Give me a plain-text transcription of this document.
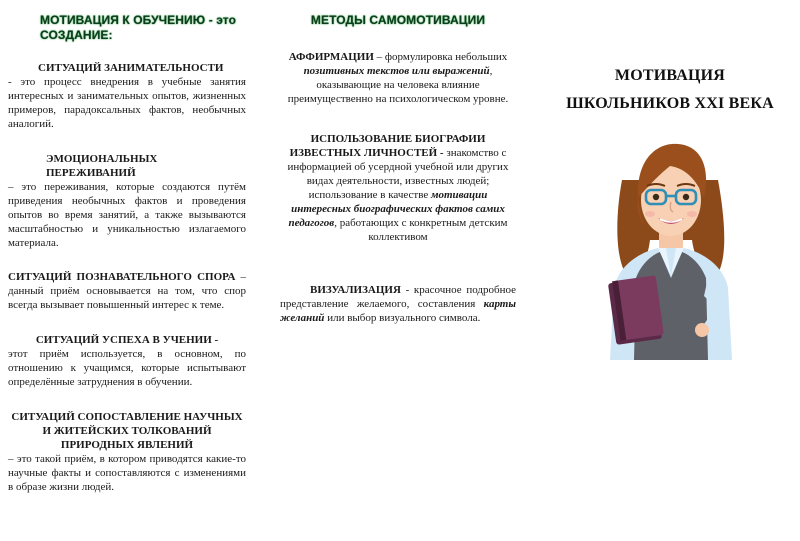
МОТИВАЦИЯ К ОБУЧЕНИЮ - это СОЗДАНИЕ:
СИТУАЦИЙ ЗАНИМАТЕЛЬНОСТИ
- это процесс внедрения в учебные занятия интересных и занимательных опытов, жизненных примеров, парадоксальных фактов, необычных аналогий.
ЭМОЦИОНАЛЬНЫХ ПЕРЕЖИВАНИЙ
– это переживания, которые создаются путём приведения необычных фактов и проведения опытов во время занятий, а также вызываются масштабностью и уникальностью излагаемого материала.
СИТУАЦИЙ ПОЗНАВАТЕЛЬНОГО СПОРА – данный приём основывается на том, что спор всегда вызывает повышенный интерес к теме.
СИТУАЦИЙ УСПЕХА В УЧЕНИИ -
этот приём используется, в основном, по отношению к учащимся, которые испытывают определённые затруднения в обучении.
СИТУАЦИЙ СОПОСТАВЛЕНИЕ НАУЧНЫХ И ЖИТЕЙСКИХ ТОЛКОВАНИЙ ПРИРОДНЫХ ЯВЛЕНИЙ
– это такой приём, в котором приводятся какие-то научные факты и сопоставляются с изменениями в образе жизни людей.
МЕТОДЫ САМОМОТИВАЦИИ
АФФИРМАЦИИ – формулировка небольших позитивных текстов или выражений, оказывающие на человека влияние преимущественно на психологическом уровне.
ИСПОЛЬЗОВАНИЕ БИОГРАФИИ ИЗВЕСТНЫХ ЛИЧНОСТЕЙ - знакомство с информацией об усердной учебной или других видах деятельности, известных людей; использование в качестве мотивации интересных биографических фактов самих педагогов, работающих с конкретным детским коллективом
ВИЗУАЛИЗАЦИЯ - красочное подробное представление желаемого, составления карты желаний или выбор визуального символа.
МОТИВАЦИЯ
ШКОЛЬНИКОВ XXI ВЕКА
